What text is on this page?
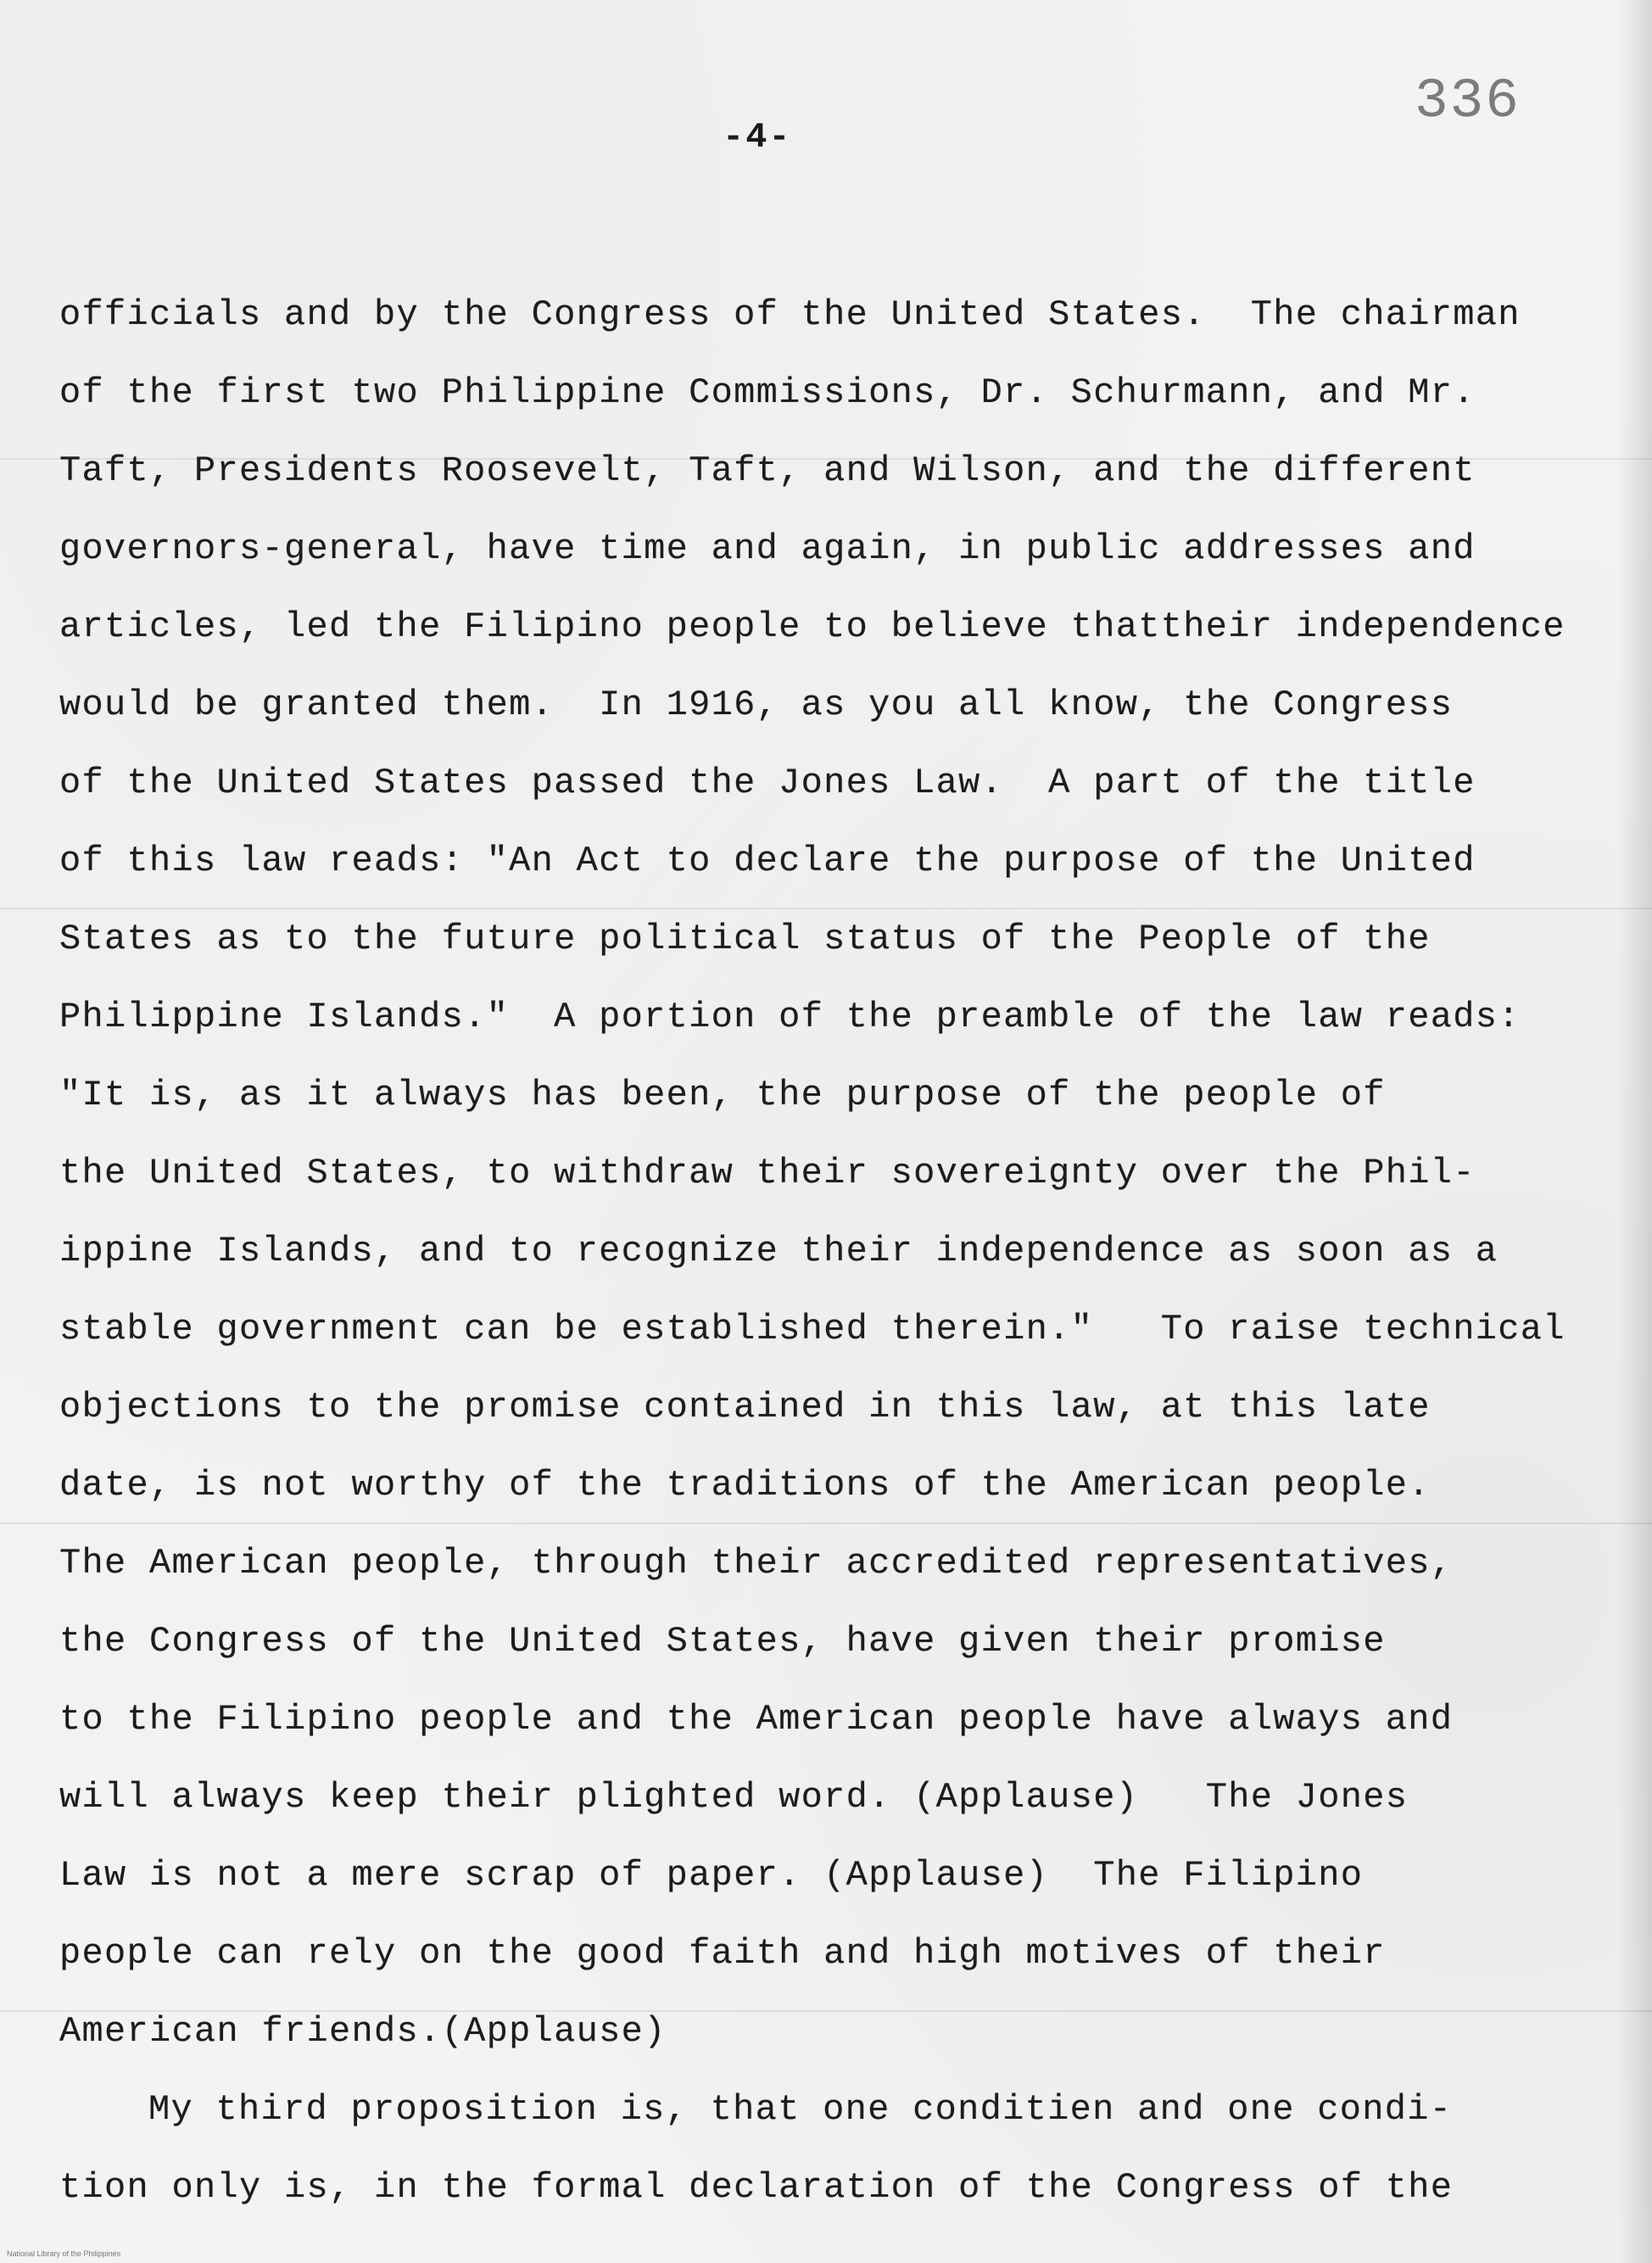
336
-4-
officials and by the Congress of the United States.  The chairman
of the first two Philippine Commissions, Dr. Schurmann, and Mr.
Taft, Presidents Roosevelt, Taft, and Wilson, and the different
governors-general, have time and again, in public addresses and
articles, led the Filipino people to believe thattheir independence
would be granted them.  In 1916, as you all know, the Congress
of the United States passed the Jones Law.  A part of the title
of this law reads: "An Act to declare the purpose of the United
States as to the future political status of the People of the
Philippine Islands."  A portion of the preamble of the law reads:
"It is, as it always has been, the purpose of the people of
the United States, to withdraw their sovereignty over the Phil-
ippine Islands, and to recognize their independence as soon as a
stable government can be established therein."   To raise technical
objections to the promise contained in this law, at this late
date, is not worthy of the traditions of the American people.
The American people, through their accredited representatives,
the Congress of the United States, have given their promise
to the Filipino people and the American people have always and
will always keep their plighted word. (Applause)   The Jones
Law is not a mere scrap of paper. (Applause)  The Filipino
people can rely on the good faith and high motives of their
American friends.(Applause)
My third proposition is, that one conditien and one condi-
tion only is, in the formal declaration of the Congress of the
National Library of the Philippines
